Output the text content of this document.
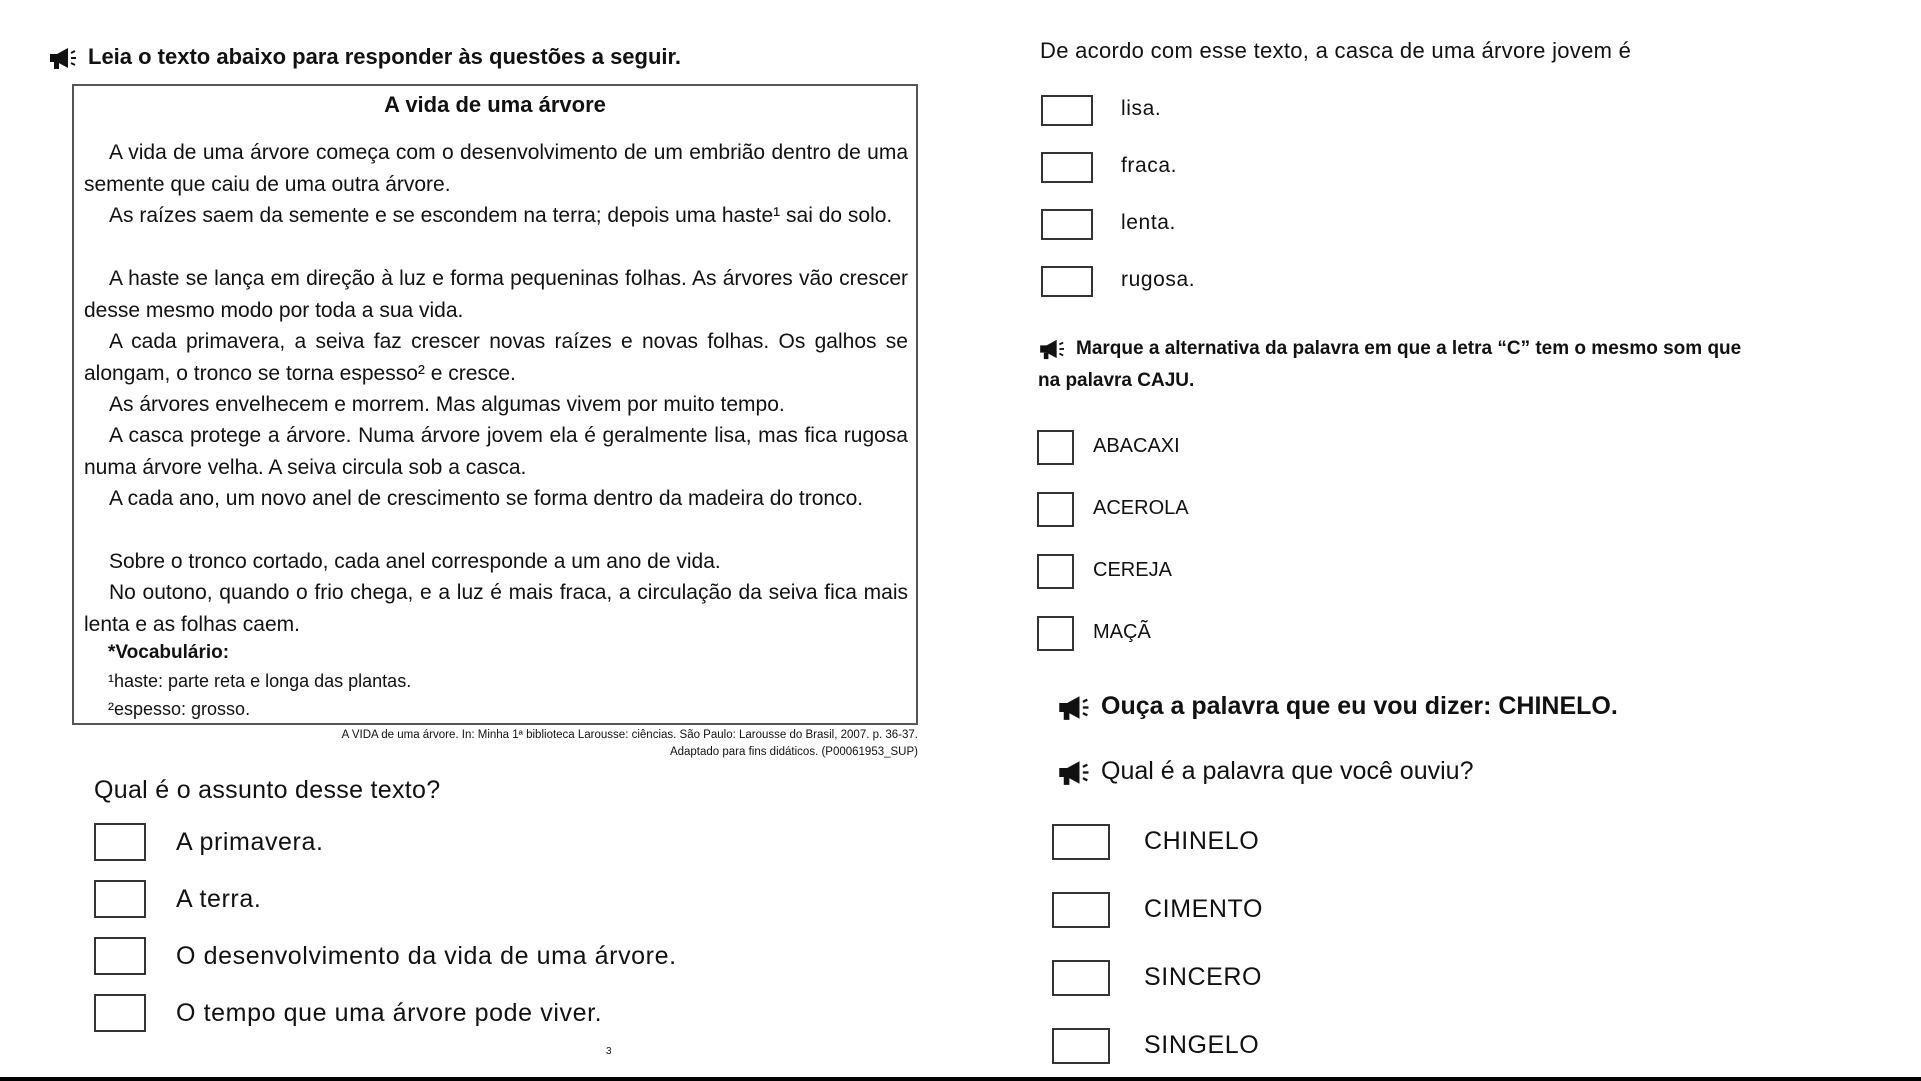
Leia o texto abaixo para responder às questões a seguir.
A vida de uma árvore
A vida de uma árvore começa com o desenvolvimento de um embrião dentro de uma semente que caiu de uma outra árvore.
As raízes saem da semente e se escondem na terra; depois uma haste¹ sai do solo.
A haste se lança em direção à luz e forma pequeninas folhas. As árvores vão crescer desse mesmo modo por toda a sua vida.
A cada primavera, a seiva faz crescer novas raízes e novas folhas. Os galhos se alongam, o tronco se torna espesso² e cresce.
As árvores envelhecem e morrem. Mas algumas vivem por muito tempo.
A casca protege a árvore. Numa árvore jovem ela é geralmente lisa, mas fica rugosa numa árvore velha. A seiva circula sob a casca.
A cada ano, um novo anel de crescimento se forma dentro da madeira do tronco.
Sobre o tronco cortado, cada anel corresponde a um ano de vida.
No outono, quando o frio chega, e a luz é mais fraca, a circulação da seiva fica mais lenta e as folhas caem.
*Vocabulário:
¹haste: parte reta e longa das plantas.
²espesso: grosso.
A VIDA de uma árvore. In: Minha 1ª biblioteca Larousse: ciências. São Paulo: Larousse do Brasil, 2007. p. 36-37.
Adaptado para fins didáticos. (P00061953_SUP)
Qual é o assunto desse texto?
A primavera.
A terra.
O desenvolvimento da vida de uma árvore.
O tempo que uma árvore pode viver.
3
De acordo com esse texto, a casca de uma árvore jovem é
lisa.
fraca.
lenta.
rugosa.
Marque a alternativa da palavra em que a letra “C” tem o mesmo som que
na palavra CAJU.
ABACAXI
ACEROLA
CEREJA
MAÇÃ
Ouça a palavra que eu vou dizer: CHINELO.
Qual é a palavra que você ouviu?
CHINELO
CIMENTO
SINCERO
SINGELO
